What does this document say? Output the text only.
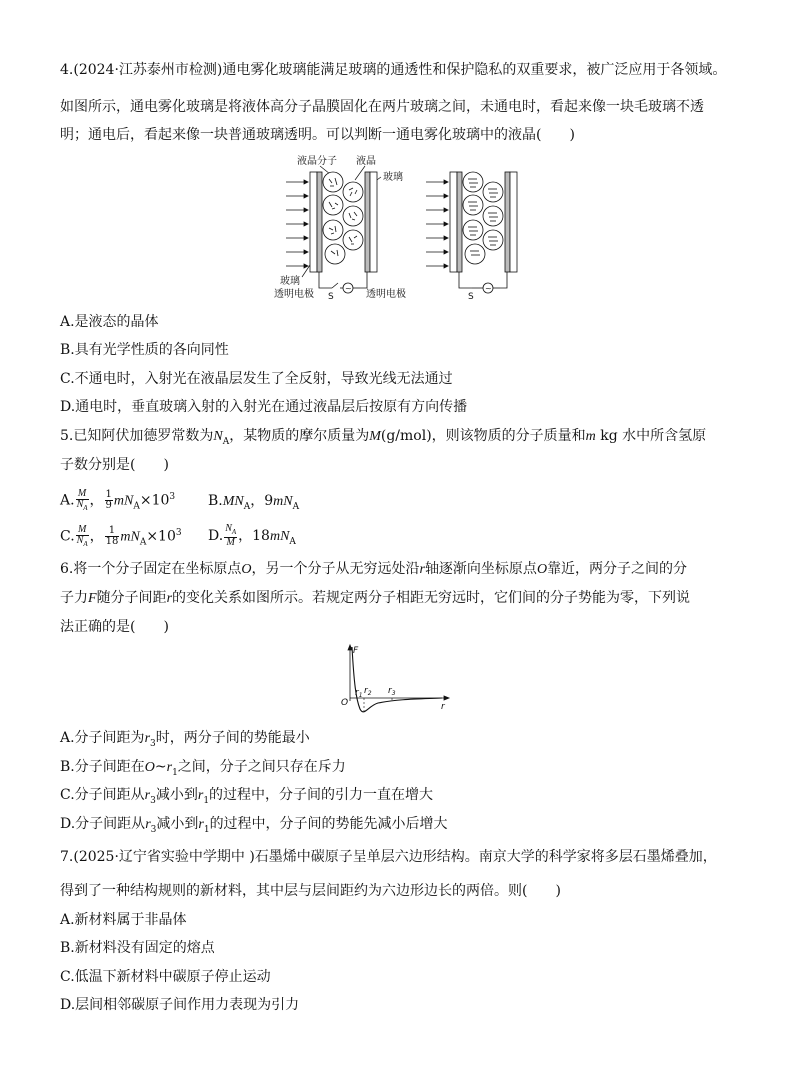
4.(2024·江苏泰州市检测)通电雾化玻璃能满足玻璃的通透性和保护隐私的双重要求，被广泛应用于各领域。
如图所示，通电雾化玻璃是将液体高分子晶膜固化在两片玻璃之间，未通电时，看起来像一块毛玻璃不透
明；通电后，看起来像一块普通玻璃透明。可以判断一通电雾化玻璃中的液晶(　　)
液晶分子 液晶
玻璃
玻璃
透明电极	透明电极
S
~
S
~
A.是液态的晶体
B.具有光学性质的各向同性
C.不通电时，入射光在液晶层发生了全反射，导致光线无法通过
D.通电时，垂直玻璃入射的入射光在通过液晶层后按原有方向传播
5.已知阿伏加德罗常数为$N_A$，某物质的摩尔质量为M(g/mol)，则该物质的分子质量和m kg 水中所含氢原
子数分别是(　　)
A. $\frac{M}{N_A}$ ， $\frac{1}{9} mN_A\times 10^3$ $B.MN_A$，$9mN_A$
C. $\frac{M}{N_A}$ ， $\frac{1}{18} mN_A\times 10^3$ D. $\frac{N_A}{M}$ ，$18mN_A$
6.将一个分子固定在坐标原点O，另一个分子从无穷远处沿r轴逐渐向坐标原点O靠近，两分子之间的分
子力F随分子间距r的变化关系如图所示。若规定两分子相距无穷远时，它们间的分子势能为零，下列说
法正确的是(　　)
F
O	r
$r_1$ $r_2$ $r_3$
A.分子间距为$r_3$时，两分子间的势能最小
B.分子间距在$O\sim r_1$之间，分子之间只存在斥力
C.分子间距从$r_3$减小到$r_1$的过程中，分子间的引力一直在增大
D.分子间距从$r_3$减小到$r_1$的过程中，分子间的势能先减小后增大
7.(2025·辽宁省实验中学期中 )石墨烯中碳原子呈单层六边形结构。南京大学的科学家将多层石墨烯叠加，
得到了一种结构规则的新材料，其中层与层间距约为六边形边长的两倍。则(　　)
A.新材料属于非晶体
B.新材料没有固定的熔点
C.低温下新材料中碳原子停止运动
D.层间相邻碳原子间作用力表现为引力
